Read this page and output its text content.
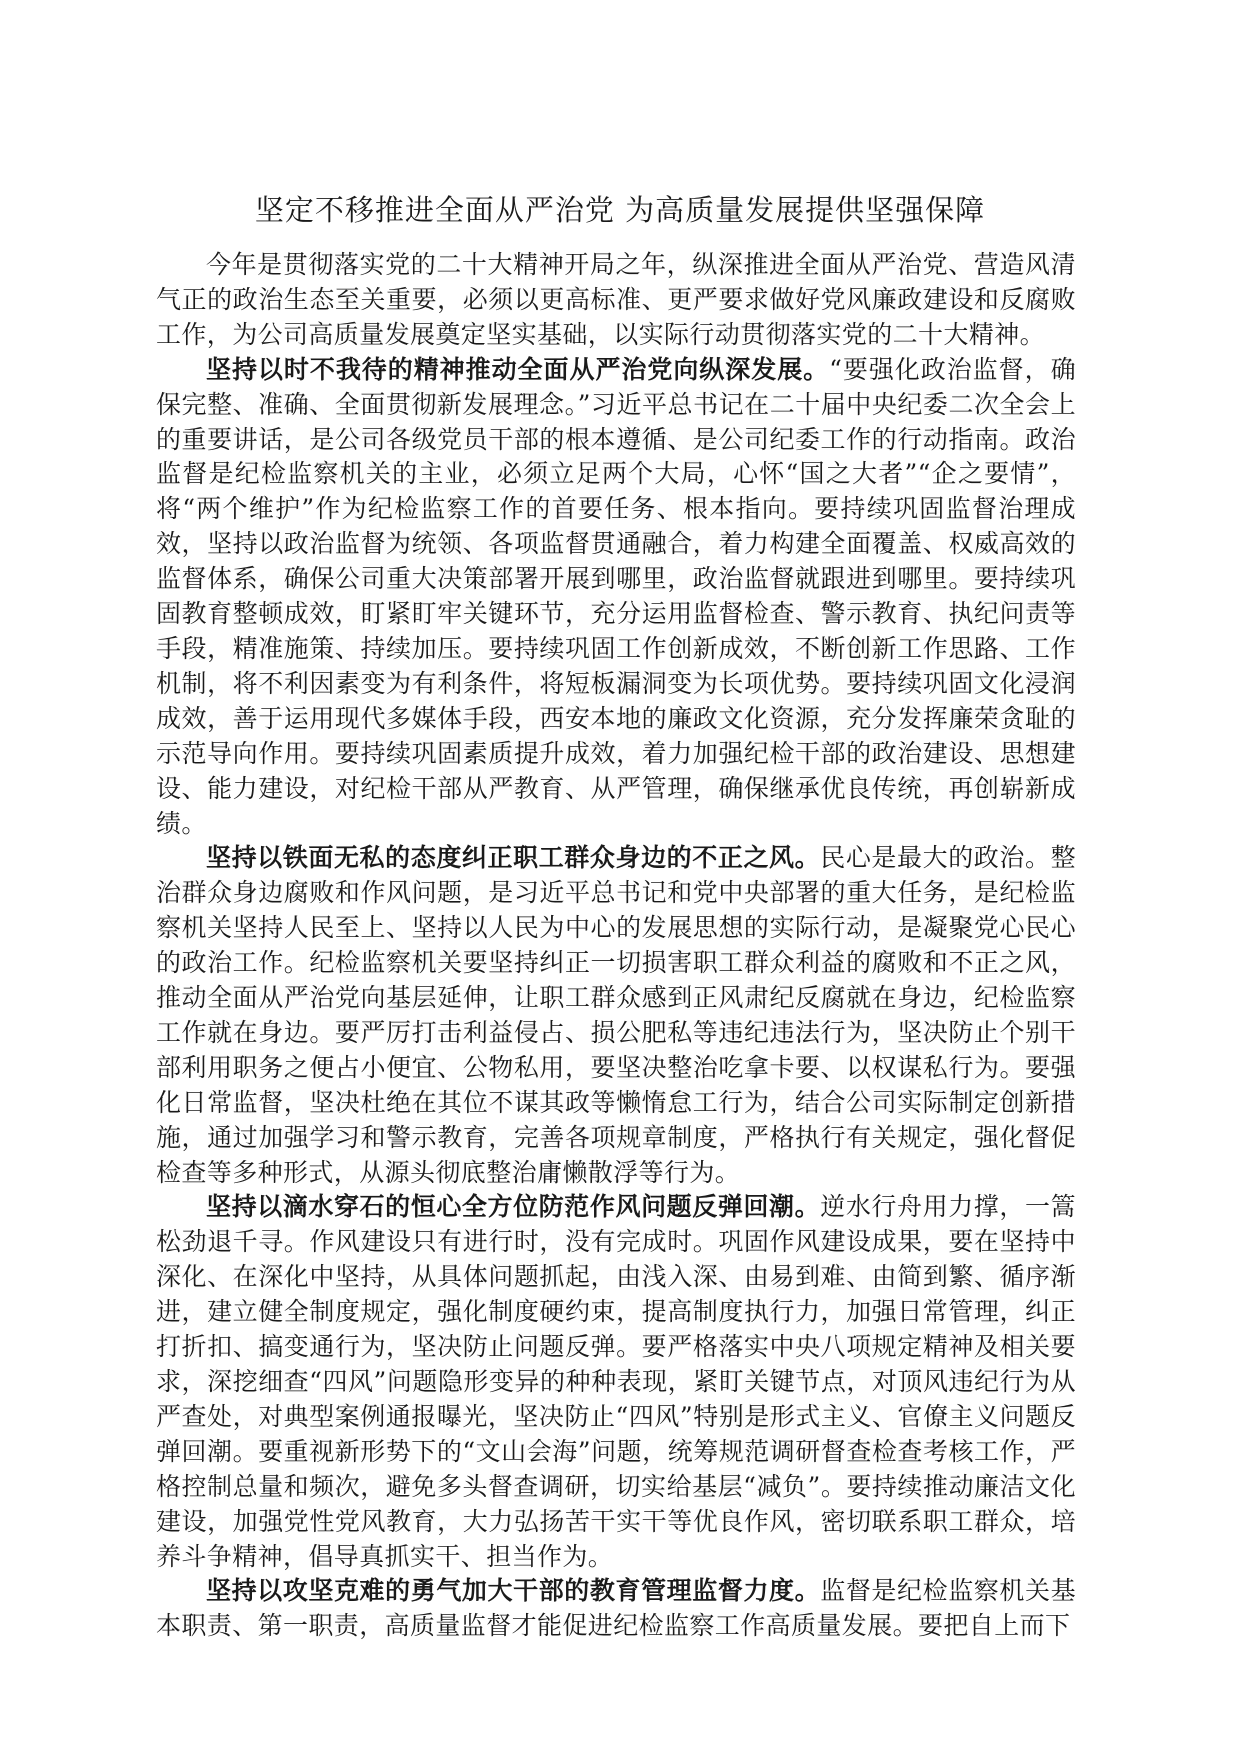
坚定不移推进全面从严治党 为高质量发展提供坚强保障

今年是贯彻落实党的二十大精神开局之年，纵深推进全面从严治党、营造风清气正的政治生态至关重要，必须以更高标准、更严要求做好党风廉政建设和反腐败工作，为公司高质量发展奠定坚实基础，以实际行动贯彻落实党的二十大精神。

坚持以时不我待的精神推动全面从严治党向纵深发展。“要强化政治监督，确保完整、准确、全面贯彻新发展理念。”习近平总书记在二十届中央纪委二次全会上的重要讲话，是公司各级党员干部的根本遵循、是公司纪委工作的行动指南。政治监督是纪检监察机关的主业，必须立足两个大局，心怀“国之大者”“企之要情”，将“两个维护”作为纪检监察工作的首要任务、根本指向。要持续巩固监督治理成效，坚持以政治监督为统领、各项监督贯通融合，着力构建全面覆盖、权威高效的监督体系，确保公司重大决策部署开展到哪里，政治监督就跟进到哪里。要持续巩固教育整顿成效，盯紧盯牢关键环节，充分运用监督检查、警示教育、执纪问责等手段，精准施策、持续加压。要持续巩固工作创新成效，不断创新工作思路、工作机制，将不利因素变为有利条件，将短板漏洞变为长项优势。要持续巩固文化浸润成效，善于运用现代多媒体手段，西安本地的廉政文化资源，充分发挥廉荣贪耻的示范导向作用。要持续巩固素质提升成效，着力加强纪检干部的政治建设、思想建设、能力建设，对纪检干部从严教育、从严管理，确保继承优良传统，再创崭新成绩。

坚持以铁面无私的态度纠正职工群众身边的不正之风。民心是最大的政治。整治群众身边腐败和作风问题，是习近平总书记和党中央部署的重大任务，是纪检监察机关坚持人民至上、坚持以人民为中心的发展思想的实际行动，是凝聚党心民心的政治工作。纪检监察机关要坚持纠正一切损害职工群众利益的腐败和不正之风，推动全面从严治党向基层延伸，让职工群众感到正风肃纪反腐就在身边，纪检监察工作就在身边。要严厉打击利益侵占、损公肥私等违纪违法行为，坚决防止个别干部利用职务之便占小便宜、公物私用，要坚决整治吃拿卡要、以权谋私行为。要强化日常监督，坚决杜绝在其位不谋其政等懒惰怠工行为，结合公司实际制定创新措施，通过加强学习和警示教育，完善各项规章制度，严格执行有关规定，强化督促检查等多种形式，从源头彻底整治庸懒散浮等行为。

坚持以滴水穿石的恒心全方位防范作风问题反弹回潮。逆水行舟用力撑，一篙松劲退千寻。作风建设只有进行时，没有完成时。巩固作风建设成果，要在坚持中深化、在深化中坚持，从具体问题抓起，由浅入深、由易到难、由简到繁、循序渐进，建立健全制度规定，强化制度硬约束，提高制度执行力，加强日常管理，纠正打折扣、搞变通行为，坚决防止问题反弹。要严格落实中央八项规定精神及相关要求，深挖细查“四风”问题隐形变异的种种表现，紧盯关键节点，对顶风违纪行为从严查处，对典型案例通报曝光，坚决防止“四风”特别是形式主义、官僚主义问题反弹回潮。要重视新形势下的“文山会海”问题，统筹规范调研督查检查考核工作，严格控制总量和频次，避免多头督查调研，切实给基层“减负”。要持续推动廉洁文化建设，加强党性党风教育，大力弘扬苦干实干等优良作风，密切联系职工群众，培养斗争精神，倡导真抓实干、担当作为。

坚持以攻坚克难的勇气加大干部的教育管理监督力度。监督是纪检监察机关基本职责、第一职责，高质量监督才能促进纪检监察工作高质量发展。要把自上而下
